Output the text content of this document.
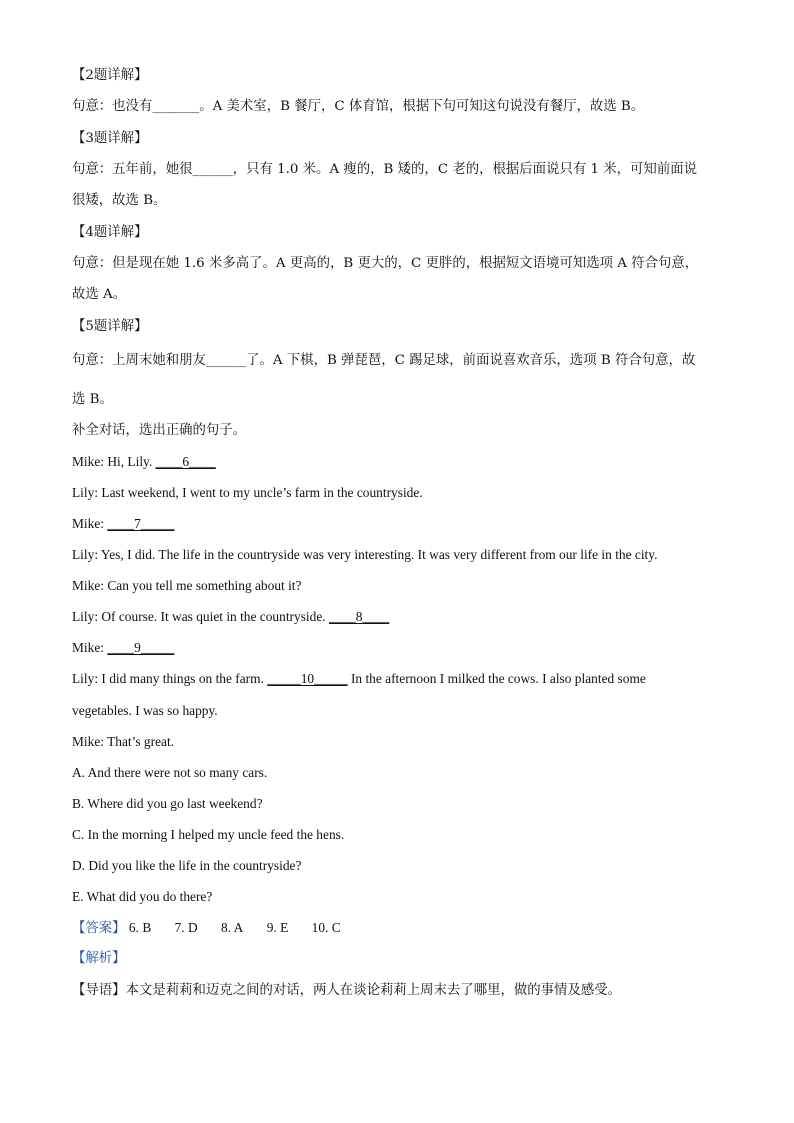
【2题详解】
句意：也没有_______。A 美术室，B 餐厅，C 体育馆，根据下句可知这句说没有餐厅，故选 B。
【3题详解】
句意：五年前，她很______，只有 1.0 米。A 瘦的，B 矮的，C 老的，根据后面说只有 1 米，可知前面说
很矮，故选 B。
【4题详解】
句意：但是现在她 1.6 米多高了。A 更高的，B 更大的，C 更胖的，根据短文语境可知选项 A 符合句意，
故选 A。
【5题详解】
句意：上周末她和朋友______了。A 下棋，B 弹琵琶，C 踢足球，前面说喜欢音乐，选项 B 符合句意，故
选 B。
补全对话，选出正确的句子。
Mike: Hi, Lily. ____6____
Lily: Last weekend, I went to my uncle’s farm in the countryside.
Mike: ____7_____
Lily: Yes, I did. The life in the countryside was very interesting. It was very different from our life in the city.
Mike: Can you tell me something about it?
Lily: Of course. It was quiet in the countryside. ____8____
Mike: ____9_____
Lily: I did many things on the farm. _____10_____ In the afternoon I milked the cows. I also planted some
vegetables. I was so happy.
Mike: That’s great.
A. And there were not so many cars.
B. Where did you go last weekend?
C. In the morning I helped my uncle feed the hens.
D. Did you like the life in the countryside?
E. What did you do there?
【答案】 6. B 7. D 8. A 9. E 10. C
【解析】
【导语】本文是莉莉和迈克之间的对话，两人在谈论莉莉上周末去了哪里，做的事情及感受。
